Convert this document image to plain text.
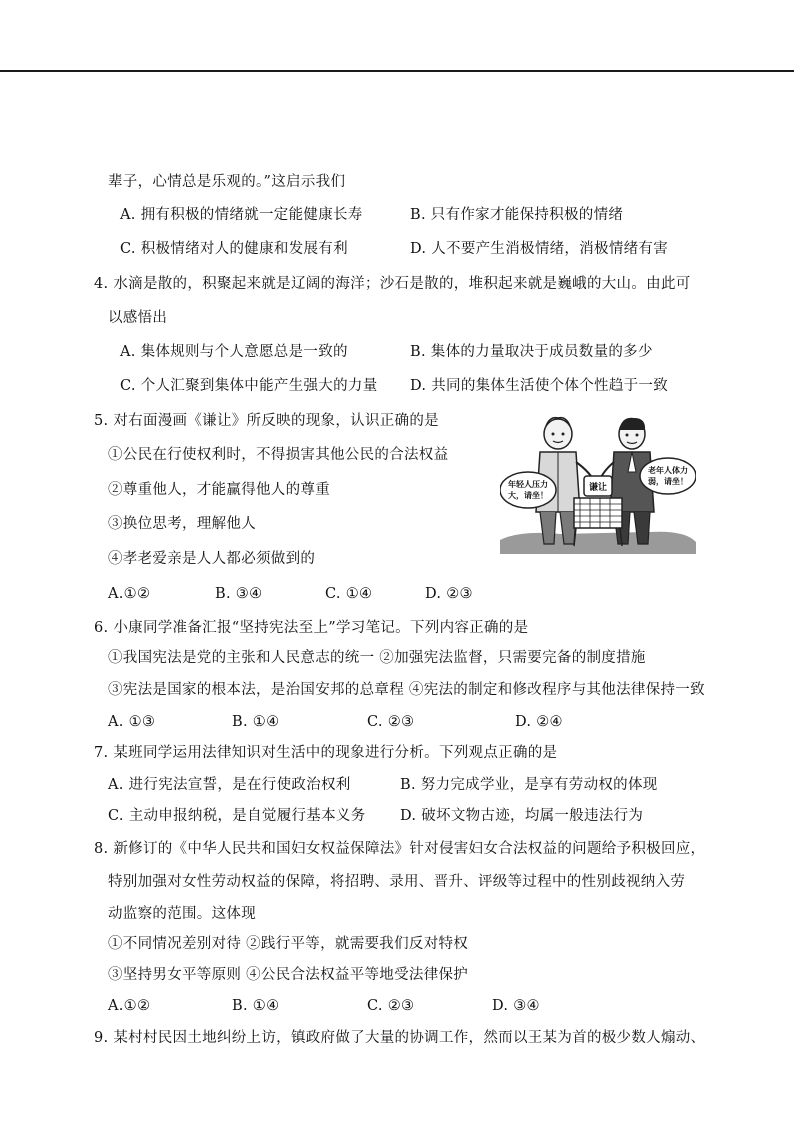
辈子，心情总是乐观的。”这启示我们
A. 拥有积极的情绪就一定能健康长寿	B. 只有作家才能保持积极的情绪
C. 积极情绪对人的健康和发展有利	D. 人不要产生消极情绪，消极情绪有害
4. 水滴是散的，积聚起来就是辽阔的海洋；沙石是散的，堆积起来就是巍峨的大山。由此可
以感悟出
A. 集体规则与个人意愿总是一致的	B. 集体的力量取决于成员数量的多少
C. 个人汇聚到集体中能产生强大的力量 D. 共同的集体生活使个体个性趋于一致
5. 对右面漫画《谦让》所反映的现象，认识正确的是
①公民在行使权利时，不得损害其他公民的合法权益
②尊重他人，才能赢得他人的尊重
③换位思考，理解他人
④孝老爱亲是人人都必须做到的
A.①②	B. ③④	C. ①④	D. ②③
谦让
年轻人压力
大，请坐！
老年人体力
弱，请坐！
6. 小康同学准备汇报“坚持宪法至上”学习笔记。下列内容正确的是
①我国宪法是党的主张和人民意志的统一 ②加强宪法监督，只需要完备的制度措施
③宪法是国家的根本法，是治国安邦的总章程 ④宪法的制定和修改程序与其他法律保持一致
A. ①③	B. ①④	C. ②③	D. ②④
7. 某班同学运用法律知识对生活中的现象进行分析。下列观点正确的是
A. 进行宪法宣誓，是在行使政治权利	B. 努力完成学业，是享有劳动权的体现
C. 主动申报纳税，是自觉履行基本义务 D. 破坏文物古迹，均属一般违法行为
8. 新修订的《中华人民共和国妇女权益保障法》针对侵害妇女合法权益的问题给予积极回应，
特别加强对女性劳动权益的保障，将招聘、录用、晋升、评级等过程中的性别歧视纳入劳
动监察的范围。这体现
①不同情况差别对待 ②践行平等，就需要我们反对特权
③坚持男女平等原则 ④公民合法权益平等地受法律保护
A.①②	B. ①④	C. ②③	D. ③④
9. 某村村民因土地纠纷上访，镇政府做了大量的协调工作，然而以王某为首的极少数人煽动、
